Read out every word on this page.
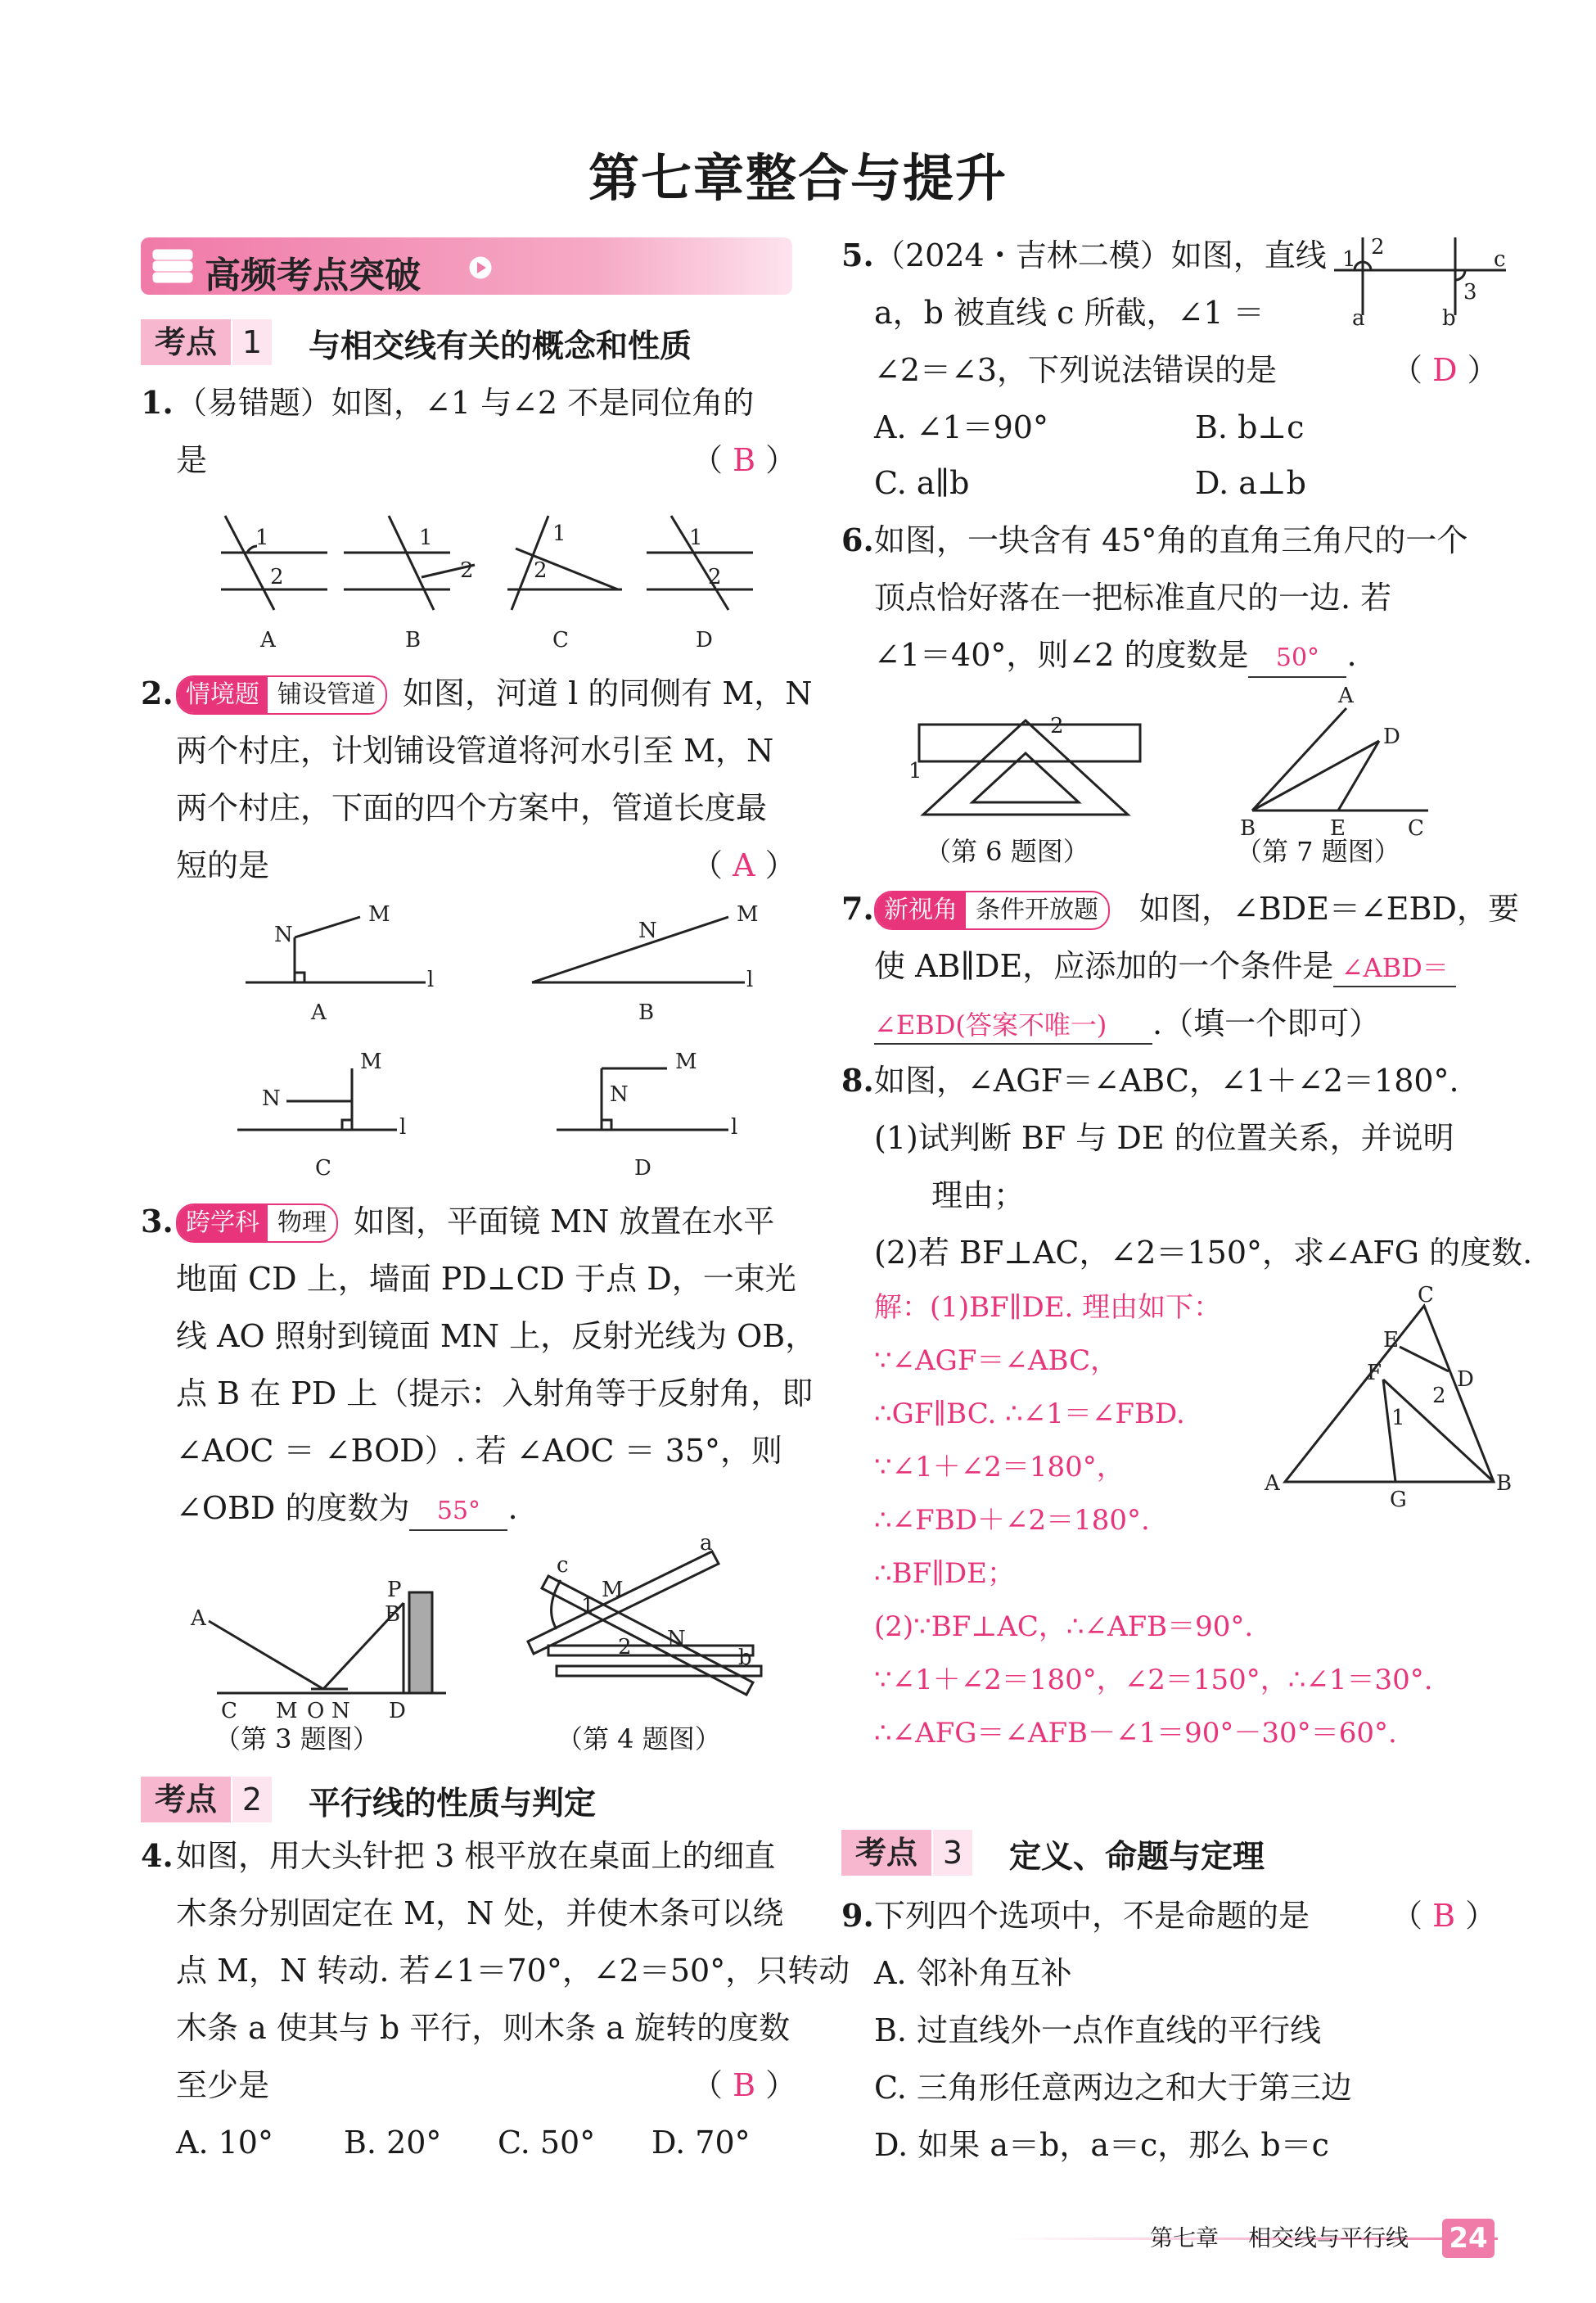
第七章整合与提升
高频考点突破
考点 1	与相交线有关的概念和性质
1. （易错题）如图，∠1 与∠2 不是同位角的
是	（ B ）
1
2
1
2
1
2
1
2
A	B	C	D
2. 情境题 铺设管道 如图，河道 l 的同侧有 M，N
两个村庄，计划铺设管道将河水引至 M，N
两个村庄，下面的四个方案中，管道长度最
短的是	（ A ）
N
M
l
N
M
l
A	B
N
M
l
N
M
l
C	D
3. 跨学科 物理 如图，平面镜 MN 放置在水平
地面 CD 上，墙面 PD⊥CD 于点 D，一束光
线 AO 照射到镜面 MN 上，反射光线为 OB，
点 B 在 PD 上（提示：入射角等于反射角，即
∠AOC ＝ ∠BOD）. 若 ∠AOC ＝ 35°，则
∠OBD 的度数为 55° .
A
P
B
C M O N D
（第 3 题图）
c
a
b
M
1
2 N
（第 4 题图）
考点 2	平行线的性质与判定
4. 如图，用大头针把 3 根平放在桌面上的细直
木条分别固定在 M，N 处，并使木条可以绕
点 M，N 转动. 若∠1＝70°，∠2＝50°，只转动
木条 a 使其与 b 平行，则木条 a 旋转的度数
至少是	（ B ）
A. 10° B. 20° C. 50° D. 70°
5. （2024・吉林二模）如图，直线
a，b 被直线 c 所截，∠1 ＝
∠2＝∠3，下列说法错误的是	（ D ）
1 2
3
a	b
c
A. ∠1＝90°	B. b⊥c
C. a∥b	D. a⊥b
6. 如图，一块含有 45°角的直角三角尺的一个
顶点恰好落在一把标准直尺的一边. 若
∠1＝40°，则∠2 的度数是 50° .
1
2
（第 6 题图）
A
D
B	E	C
（第 7 题图）
7. 新视角 条件开放题	如图，∠BDE＝∠EBD，要
使 AB∥DE，应添加的一个条件是 ∠ABD＝
∠EBD(答案不唯一) .（填一个即可）
8. 如图，∠AGF＝∠ABC，∠1＋∠2＝180°.
(1)试判断 BF 与 DE 的位置关系，并说明
理由；
(2)若 BF⊥AC，∠2＝150°，求∠AFG 的度数.
解：(1)BF∥DE. 理由如下：
∵∠AGF＝∠ABC，
∴GF∥BC. ∴∠1＝∠FBD.
∵∠1＋∠2＝180°，
∴∠FBD＋∠2＝180°.
∴BF∥DE；
(2)∵BF⊥AC，∴∠AFB＝90°.
∵∠1＋∠2＝180°，∠2＝150°，∴∠1＝30°.
∴∠AFG＝∠AFB－∠1＝90°－30°＝60°.
C
E
F	D
2
1
A
G
B
考点 3	定义、命题与定理
9. 下列四个选项中，不是命题的是	（ B ）
A. 邻补角互补
B. 过直线外一点作直线的平行线
C. 三角形任意两边之和大于第三边
D. 如果 a＝b，a＝c，那么 b＝c
第七章 相交线与平行线 24
